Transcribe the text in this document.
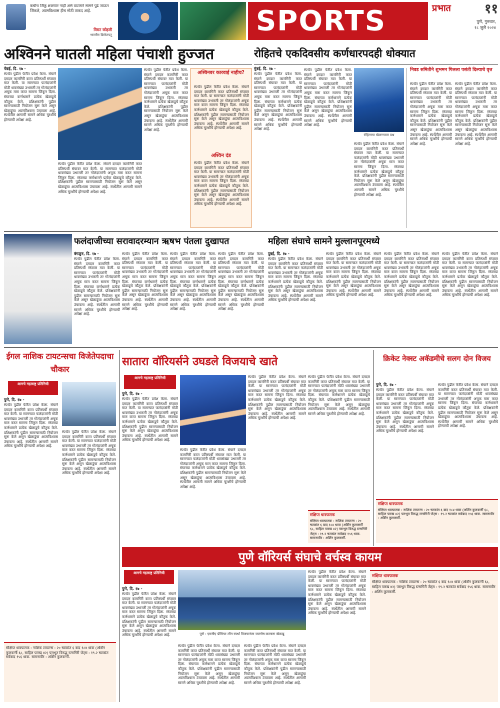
कधीच जिंकू शकणार नाही असे वाटणारे सामने पुढे जाऊन जिंकले, आत्मविश्वास हीच मोठी ताकद आहे.
विराट कोहली
भारतीय क्रिकेटपटू	SPORTS	प्रभात	११
पुणे, गुरुवार,
१८ जुलै २०२४
अश्विनने घातली महिला पंचाशी हुज्जत
चेन्नई, दि. १७ -
स्पर्धेत पुढील फेरीत प्रवेश केला. संघाने दमदार कामगिरी करत प्रतिस्पर्धी संघावर मात केली. या सामन्यात फलंदाजांनी मोठी धावसंख्या उभारली तर गोलंदाजांनी अचूक मारा करत सामना जिंकून दिला. संघाच्या कर्णधाराने प्रत्येक खेळाडूचे कौतुक केले. प्रशिक्षकांनी पुढील सामन्यासाठी नियोजन सुरू केले असून खेळाडूंचा आत्मविश्वास उंचावला आहे. स्पर्धेतील आगामी सामने अधिक चुरशीचे होण्याची अपेक्षा आहे.
स्पर्धेत पुढील फेरीत प्रवेश केला. संघाने दमदार कामगिरी करत प्रतिस्पर्धी संघावर मात केली. या सामन्यात फलंदाजांनी मोठी धावसंख्या उभारली तर गोलंदाजांनी अचूक मारा करत सामना जिंकून दिला. संघाच्या कर्णधाराने प्रत्येक खेळाडूचे कौतुक केले. प्रशिक्षकांनी पुढील सामन्यासाठी नियोजन सुरू केले असून खेळाडूंचा आत्मविश्वास उंचावला आहे. स्पर्धेतील आगामी सामने अधिक चुरशीचे होण्याची अपेक्षा आहे.
स्पर्धेत पुढील फेरीत प्रवेश केला. संघाने दमदार कामगिरी करत प्रतिस्पर्धी संघावर मात केली. या सामन्यात फलंदाजांनी मोठी धावसंख्या उभारली तर गोलंदाजांनी अचूक मारा करत सामना जिंकून दिला. संघाच्या कर्णधाराने प्रत्येक खेळाडूचे कौतुक केले. प्रशिक्षकांनी पुढील सामन्यासाठी नियोजन सुरू केले असून खेळाडूंचा आत्मविश्वास उंचावला आहे. स्पर्धेतील आगामी सामने अधिक चुरशीचे होण्याची अपेक्षा आहे.
अश्विनवर कारवाई नाहीच?
स्पर्धेत पुढील फेरीत प्रवेश केला. संघाने दमदार कामगिरी करत प्रतिस्पर्धी संघावर मात केली. या सामन्यात फलंदाजांनी मोठी धावसंख्या उभारली तर गोलंदाजांनी अचूक मारा करत सामना जिंकून दिला. संघाच्या कर्णधाराने प्रत्येक खेळाडूचे कौतुक केले. प्रशिक्षकांनी पुढील सामन्यासाठी नियोजन सुरू केले असून खेळाडूंचा आत्मविश्वास उंचावला आहे. स्पर्धेतील आगामी सामने अधिक चुरशीचे होण्याची अपेक्षा आहे.
अश्विन दंड
स्पर्धेत पुढील फेरीत प्रवेश केला. संघाने दमदार कामगिरी करत प्रतिस्पर्धी संघावर मात केली. या सामन्यात फलंदाजांनी मोठी धावसंख्या उभारली तर गोलंदाजांनी अचूक मारा करत सामना जिंकून दिला. संघाच्या कर्णधाराने प्रत्येक खेळाडूचे कौतुक केले. प्रशिक्षकांनी पुढील सामन्यासाठी नियोजन सुरू केले असून खेळाडूंचा आत्मविश्वास उंचावला आहे. स्पर्धेतील आगामी सामने अधिक चुरशीचे होण्याची अपेक्षा आहे.
रोहितचे एकदिवसीय कर्णधारपदही धोक्यात
मुंबई, दि. १७ -
स्पर्धेत पुढील फेरीत प्रवेश केला. संघाने दमदार कामगिरी करत प्रतिस्पर्धी संघावर मात केली. या सामन्यात फलंदाजांनी मोठी धावसंख्या उभारली तर गोलंदाजांनी अचूक मारा करत सामना जिंकून दिला. संघाच्या कर्णधाराने प्रत्येक खेळाडूचे कौतुक केले. प्रशिक्षकांनी पुढील सामन्यासाठी नियोजन सुरू केले असून खेळाडूंचा आत्मविश्वास उंचावला आहे. स्पर्धेतील आगामी सामने अधिक चुरशीचे होण्याची अपेक्षा आहे.
स्पर्धेत पुढील फेरीत प्रवेश केला. संघाने दमदार कामगिरी करत प्रतिस्पर्धी संघावर मात केली. या सामन्यात फलंदाजांनी मोठी धावसंख्या उभारली तर गोलंदाजांनी अचूक मारा करत सामना जिंकून दिला. संघाच्या कर्णधाराने प्रत्येक खेळाडूचे कौतुक केले. प्रशिक्षकांनी पुढील सामन्यासाठी नियोजन सुरू केले असून खेळाडूंचा आत्मविश्वास उंचावला आहे. स्पर्धेतील आगामी सामने अधिक चुरशीचे होण्याची अपेक्षा आहे.
रोहितच्या खेळण्यावर प्रश्न
स्पर्धेत पुढील फेरीत प्रवेश केला. संघाने दमदार कामगिरी करत प्रतिस्पर्धी संघावर मात केली. या सामन्यात फलंदाजांनी मोठी धावसंख्या उभारली तर गोलंदाजांनी अचूक मारा करत सामना जिंकून दिला. संघाच्या कर्णधाराने प्रत्येक खेळाडूचे कौतुक केले. प्रशिक्षकांनी पुढील सामन्यासाठी नियोजन सुरू केले असून खेळाडूंचा आत्मविश्वास उंचावला आहे. स्पर्धेतील आगामी सामने अधिक चुरशीचे होण्याची अपेक्षा आहे.
निवड समितीने शुभमन गिलला पसंती दिल्याचे वृत्त
स्पर्धेत पुढील फेरीत प्रवेश केला. संघाने दमदार कामगिरी करत प्रतिस्पर्धी संघावर मात केली. या सामन्यात फलंदाजांनी मोठी धावसंख्या उभारली तर गोलंदाजांनी अचूक मारा करत सामना जिंकून दिला. संघाच्या कर्णधाराने प्रत्येक खेळाडूचे कौतुक केले. प्रशिक्षकांनी पुढील सामन्यासाठी नियोजन सुरू केले असून खेळाडूंचा आत्मविश्वास उंचावला आहे. स्पर्धेतील आगामी सामने अधिक चुरशीचे होण्याची अपेक्षा आहे.
स्पर्धेत पुढील फेरीत प्रवेश केला. संघाने दमदार कामगिरी करत प्रतिस्पर्धी संघावर मात केली. या सामन्यात फलंदाजांनी मोठी धावसंख्या उभारली तर गोलंदाजांनी अचूक मारा करत सामना जिंकून दिला. संघाच्या कर्णधाराने प्रत्येक खेळाडूचे कौतुक केले. प्रशिक्षकांनी पुढील सामन्यासाठी नियोजन सुरू केले असून खेळाडूंचा आत्मविश्वास उंचावला आहे. स्पर्धेतील आगामी सामने अधिक चुरशीचे होण्याची अपेक्षा आहे.
फलंदाजीच्या सरावादरम्यान ऋषभ पंतला दुखापत
बंगळुरु, दि. १७ -
स्पर्धेत पुढील फेरीत प्रवेश केला. संघाने दमदार कामगिरी करत प्रतिस्पर्धी संघावर मात केली. या सामन्यात फलंदाजांनी मोठी धावसंख्या उभारली तर गोलंदाजांनी अचूक मारा करत सामना जिंकून दिला. संघाच्या कर्णधाराने प्रत्येक खेळाडूचे कौतुक केले. प्रशिक्षकांनी पुढील सामन्यासाठी नियोजन सुरू केले असून खेळाडूंचा आत्मविश्वास उंचावला आहे. स्पर्धेतील आगामी सामने अधिक चुरशीचे होण्याची अपेक्षा आहे.
स्पर्धेत पुढील फेरीत प्रवेश केला. संघाने दमदार कामगिरी करत प्रतिस्पर्धी संघावर मात केली. या सामन्यात फलंदाजांनी मोठी धावसंख्या उभारली तर गोलंदाजांनी अचूक मारा करत सामना जिंकून दिला. संघाच्या कर्णधाराने प्रत्येक खेळाडूचे कौतुक केले. प्रशिक्षकांनी पुढील सामन्यासाठी नियोजन सुरू केले असून खेळाडूंचा आत्मविश्वास उंचावला आहे. स्पर्धेतील आगामी सामने अधिक चुरशीचे होण्याची अपेक्षा आहे.
स्पर्धेत पुढील फेरीत प्रवेश केला. संघाने दमदार कामगिरी करत प्रतिस्पर्धी संघावर मात केली. या सामन्यात फलंदाजांनी मोठी धावसंख्या उभारली तर गोलंदाजांनी अचूक मारा करत सामना जिंकून दिला. संघाच्या कर्णधाराने प्रत्येक खेळाडूचे कौतुक केले. प्रशिक्षकांनी पुढील सामन्यासाठी नियोजन सुरू केले असून खेळाडूंचा आत्मविश्वास उंचावला आहे. स्पर्धेतील आगामी सामने अधिक चुरशीचे होण्याची अपेक्षा आहे.
स्पर्धेत पुढील फेरीत प्रवेश केला. संघाने दमदार कामगिरी करत प्रतिस्पर्धी संघावर मात केली. या सामन्यात फलंदाजांनी मोठी धावसंख्या उभारली तर गोलंदाजांनी अचूक मारा करत सामना जिंकून दिला. संघाच्या कर्णधाराने प्रत्येक खेळाडूचे कौतुक केले. प्रशिक्षकांनी पुढील सामन्यासाठी नियोजन सुरू केले असून खेळाडूंचा आत्मविश्वास उंचावला आहे. स्पर्धेतील आगामी सामने अधिक चुरशीचे होण्याची अपेक्षा आहे.
महिला संघाचे सामने मुल्लानपूरमध्ये
दुबई, दि. १७ -
स्पर्धेत पुढील फेरीत प्रवेश केला. संघाने दमदार कामगिरी करत प्रतिस्पर्धी संघावर मात केली. या सामन्यात फलंदाजांनी मोठी धावसंख्या उभारली तर गोलंदाजांनी अचूक मारा करत सामना जिंकून दिला. संघाच्या कर्णधाराने प्रत्येक खेळाडूचे कौतुक केले. प्रशिक्षकांनी पुढील सामन्यासाठी नियोजन सुरू केले असून खेळाडूंचा आत्मविश्वास उंचावला आहे. स्पर्धेतील आगामी सामने अधिक चुरशीचे होण्याची अपेक्षा आहे.
स्पर्धेत पुढील फेरीत प्रवेश केला. संघाने दमदार कामगिरी करत प्रतिस्पर्धी संघावर मात केली. या सामन्यात फलंदाजांनी मोठी धावसंख्या उभारली तर गोलंदाजांनी अचूक मारा करत सामना जिंकून दिला. संघाच्या कर्णधाराने प्रत्येक खेळाडूचे कौतुक केले. प्रशिक्षकांनी पुढील सामन्यासाठी नियोजन सुरू केले असून खेळाडूंचा आत्मविश्वास उंचावला आहे. स्पर्धेतील आगामी सामने अधिक चुरशीचे होण्याची अपेक्षा आहे.
स्पर्धेत पुढील फेरीत प्रवेश केला. संघाने दमदार कामगिरी करत प्रतिस्पर्धी संघावर मात केली. या सामन्यात फलंदाजांनी मोठी धावसंख्या उभारली तर गोलंदाजांनी अचूक मारा करत सामना जिंकून दिला. संघाच्या कर्णधाराने प्रत्येक खेळाडूचे कौतुक केले. प्रशिक्षकांनी पुढील सामन्यासाठी नियोजन सुरू केले असून खेळाडूंचा आत्मविश्वास उंचावला आहे. स्पर्धेतील आगामी सामने अधिक चुरशीचे होण्याची अपेक्षा आहे.
स्पर्धेत पुढील फेरीत प्रवेश केला. संघाने दमदार कामगिरी करत प्रतिस्पर्धी संघावर मात केली. या सामन्यात फलंदाजांनी मोठी धावसंख्या उभारली तर गोलंदाजांनी अचूक मारा करत सामना जिंकून दिला. संघाच्या कर्णधाराने प्रत्येक खेळाडूचे कौतुक केले. प्रशिक्षकांनी पुढील सामन्यासाठी नियोजन सुरू केले असून खेळाडूंचा आत्मविश्वास उंचावला आहे. स्पर्धेतील आगामी सामने अधिक चुरशीचे होण्याची अपेक्षा आहे.
ईगल नाशिक टायटन्सचा विजेतेपदाचा चौकार
आमचे महाराष्ट्र प्रतिनिधी
पुणे, दि. १७ -
स्पर्धेत पुढील फेरीत प्रवेश केला. संघाने दमदार कामगिरी करत प्रतिस्पर्धी संघावर मात केली. या सामन्यात फलंदाजांनी मोठी धावसंख्या उभारली तर गोलंदाजांनी अचूक मारा करत सामना जिंकून दिला. संघाच्या कर्णधाराने प्रत्येक खेळाडूचे कौतुक केले. प्रशिक्षकांनी पुढील सामन्यासाठी नियोजन सुरू केले असून खेळाडूंचा आत्मविश्वास उंचावला आहे. स्पर्धेतील आगामी सामने अधिक चुरशीचे होण्याची अपेक्षा आहे.
स्पर्धेत पुढील फेरीत प्रवेश केला. संघाने दमदार कामगिरी करत प्रतिस्पर्धी संघावर मात केली. या सामन्यात फलंदाजांनी मोठी धावसंख्या उभारली तर गोलंदाजांनी अचूक मारा करत सामना जिंकून दिला. संघाच्या कर्णधाराने प्रत्येक खेळाडूचे कौतुक केले. प्रशिक्षकांनी पुढील सामन्यासाठी नियोजन सुरू केले असून खेळाडूंचा आत्मविश्वास उंचावला आहे. स्पर्धेतील आगामी सामने अधिक चुरशीचे होण्याची अपेक्षा आहे.
संक्षिप्त धावफलक : नाशिक टायटन्स : २० षटकांत ६ बाद १८४ धावा (अर्शिन कुलकर्णी ६८, साहिल पारख ४२) पराभूत विरुद्ध रत्नागिरी जेट्स : १९.२ षटकांत सर्वबाद १५६ धावा. सामनावीर : अर्शिन कुलकर्णी.
सातारा वॉरियर्सने उघडले विजयाचे खाते
आमचे महाराष्ट्र प्रतिनिधी
पुणे, दि. १७ -
स्पर्धेत पुढील फेरीत प्रवेश केला. संघाने दमदार कामगिरी करत प्रतिस्पर्धी संघावर मात केली. या सामन्यात फलंदाजांनी मोठी धावसंख्या उभारली तर गोलंदाजांनी अचूक मारा करत सामना जिंकून दिला. संघाच्या कर्णधाराने प्रत्येक खेळाडूचे कौतुक केले. प्रशिक्षकांनी पुढील सामन्यासाठी नियोजन सुरू केले असून खेळाडूंचा आत्मविश्वास उंचावला आहे. स्पर्धेतील आगामी सामने अधिक चुरशीचे होण्याची अपेक्षा आहे.
स्पर्धेत पुढील फेरीत प्रवेश केला. संघाने दमदार कामगिरी करत प्रतिस्पर्धी संघावर मात केली. या सामन्यात फलंदाजांनी मोठी धावसंख्या उभारली तर गोलंदाजांनी अचूक मारा करत सामना जिंकून दिला. संघाच्या कर्णधाराने प्रत्येक खेळाडूचे कौतुक केले. प्रशिक्षकांनी पुढील सामन्यासाठी नियोजन सुरू केले असून खेळाडूंचा आत्मविश्वास उंचावला आहे. स्पर्धेतील आगामी सामने अधिक चुरशीचे होण्याची अपेक्षा आहे.
स्पर्धेत पुढील फेरीत प्रवेश केला. संघाने दमदार कामगिरी करत प्रतिस्पर्धी संघावर मात केली. या सामन्यात फलंदाजांनी मोठी धावसंख्या उभारली तर गोलंदाजांनी अचूक मारा करत सामना जिंकून दिला. संघाच्या कर्णधाराने प्रत्येक खेळाडूचे कौतुक केले. प्रशिक्षकांनी पुढील सामन्यासाठी नियोजन सुरू केले असून खेळाडूंचा आत्मविश्वास उंचावला आहे. स्पर्धेतील आगामी सामने अधिक चुरशीचे होण्याची अपेक्षा आहे.
स्पर्धेत पुढील फेरीत प्रवेश केला. संघाने दमदार कामगिरी करत प्रतिस्पर्धी संघावर मात केली. या सामन्यात फलंदाजांनी मोठी धावसंख्या उभारली तर गोलंदाजांनी अचूक मारा करत सामना जिंकून दिला. संघाच्या कर्णधाराने प्रत्येक खेळाडूचे कौतुक केले. प्रशिक्षकांनी पुढील सामन्यासाठी नियोजन सुरू केले असून खेळाडूंचा आत्मविश्वास उंचावला आहे. स्पर्धेतील आगामी सामने अधिक चुरशीचे होण्याची अपेक्षा आहे.
संक्षिप्त धावफलक
संक्षिप्त धावफलक : नाशिक टायटन्स : २० षटकांत ६ बाद १८४ धावा (अर्शिन कुलकर्णी ६८, साहिल पारख ४२) पराभूत विरुद्ध रत्नागिरी जेट्स : १९.२ षटकांत सर्वबाद १५६ धावा. सामनावीर : अर्शिन कुलकर्णी.
क्रिकेट नेक्स्ट अकॅडमीचे सलग दोन विजय
पुणे, दि. १७ -
स्पर्धेत पुढील फेरीत प्रवेश केला. संघाने दमदार कामगिरी करत प्रतिस्पर्धी संघावर मात केली. या सामन्यात फलंदाजांनी मोठी धावसंख्या उभारली तर गोलंदाजांनी अचूक मारा करत सामना जिंकून दिला. संघाच्या कर्णधाराने प्रत्येक खेळाडूचे कौतुक केले. प्रशिक्षकांनी पुढील सामन्यासाठी नियोजन सुरू केले असून खेळाडूंचा आत्मविश्वास उंचावला आहे. स्पर्धेतील आगामी सामने अधिक चुरशीचे होण्याची अपेक्षा आहे.
स्पर्धेत पुढील फेरीत प्रवेश केला. संघाने दमदार कामगिरी करत प्रतिस्पर्धी संघावर मात केली. या सामन्यात फलंदाजांनी मोठी धावसंख्या उभारली तर गोलंदाजांनी अचूक मारा करत सामना जिंकून दिला. संघाच्या कर्णधाराने प्रत्येक खेळाडूचे कौतुक केले. प्रशिक्षकांनी पुढील सामन्यासाठी नियोजन सुरू केले असून खेळाडूंचा आत्मविश्वास उंचावला आहे. स्पर्धेतील आगामी सामने अधिक चुरशीचे होण्याची अपेक्षा आहे.
संक्षिप्त धावफलक
संक्षिप्त धावफलक : नाशिक टायटन्स : २० षटकांत ६ बाद १८४ धावा (अर्शिन कुलकर्णी ६८, साहिल पारख ४२) पराभूत विरुद्ध रत्नागिरी जेट्स : १९.२ षटकांत सर्वबाद १५६ धावा. सामनावीर : अर्शिन कुलकर्णी.
पुणे वॉरियर्स संघाचे वर्चस्व कायम
आमचे महाराष्ट्र प्रतिनिधी
पुणे, दि. १७ -
स्पर्धेत पुढील फेरीत प्रवेश केला. संघाने दमदार कामगिरी करत प्रतिस्पर्धी संघावर मात केली. या सामन्यात फलंदाजांनी मोठी धावसंख्या उभारली तर गोलंदाजांनी अचूक मारा करत सामना जिंकून दिला. संघाच्या कर्णधाराने प्रत्येक खेळाडूचे कौतुक केले. प्रशिक्षकांनी पुढील सामन्यासाठी नियोजन सुरू केले असून खेळाडूंचा आत्मविश्वास उंचावला आहे. स्पर्धेतील आगामी सामने अधिक चुरशीचे होण्याची अपेक्षा आहे.	पुणे : एमसीए प्रीमियर लीग स्पर्धा विजयानंतर जल्लोष करताना खेळाडू
स्पर्धेत पुढील फेरीत प्रवेश केला. संघाने दमदार कामगिरी करत प्रतिस्पर्धी संघावर मात केली. या सामन्यात फलंदाजांनी मोठी धावसंख्या उभारली तर गोलंदाजांनी अचूक मारा करत सामना जिंकून दिला. संघाच्या कर्णधाराने प्रत्येक खेळाडूचे कौतुक केले. प्रशिक्षकांनी पुढील सामन्यासाठी नियोजन सुरू केले असून खेळाडूंचा आत्मविश्वास उंचावला आहे. स्पर्धेतील आगामी सामने अधिक चुरशीचे होण्याची अपेक्षा आहे.
स्पर्धेत पुढील फेरीत प्रवेश केला. संघाने दमदार कामगिरी करत प्रतिस्पर्धी संघावर मात केली. या सामन्यात फलंदाजांनी मोठी धावसंख्या उभारली तर गोलंदाजांनी अचूक मारा करत सामना जिंकून दिला. संघाच्या कर्णधाराने प्रत्येक खेळाडूचे कौतुक केले. प्रशिक्षकांनी पुढील सामन्यासाठी नियोजन सुरू केले असून खेळाडूंचा आत्मविश्वास उंचावला आहे. स्पर्धेतील आगामी सामने अधिक चुरशीचे होण्याची अपेक्षा आहे.
स्पर्धेत पुढील फेरीत प्रवेश केला. संघाने दमदार कामगिरी करत प्रतिस्पर्धी संघावर मात केली. या सामन्यात फलंदाजांनी मोठी धावसंख्या उभारली तर गोलंदाजांनी अचूक मारा करत सामना जिंकून दिला. संघाच्या कर्णधाराने प्रत्येक खेळाडूचे कौतुक केले. प्रशिक्षकांनी पुढील सामन्यासाठी नियोजन सुरू केले असून खेळाडूंचा आत्मविश्वास उंचावला आहे. स्पर्धेतील आगामी सामने अधिक चुरशीचे होण्याची अपेक्षा आहे.
संक्षिप्त धावफलक
संक्षिप्त धावफलक : नाशिक टायटन्स : २० षटकांत ६ बाद १८४ धावा (अर्शिन कुलकर्णी ६८, साहिल पारख ४२) पराभूत विरुद्ध रत्नागिरी जेट्स : १९.२ षटकांत सर्वबाद १५६ धावा. सामनावीर : अर्शिन कुलकर्णी.
